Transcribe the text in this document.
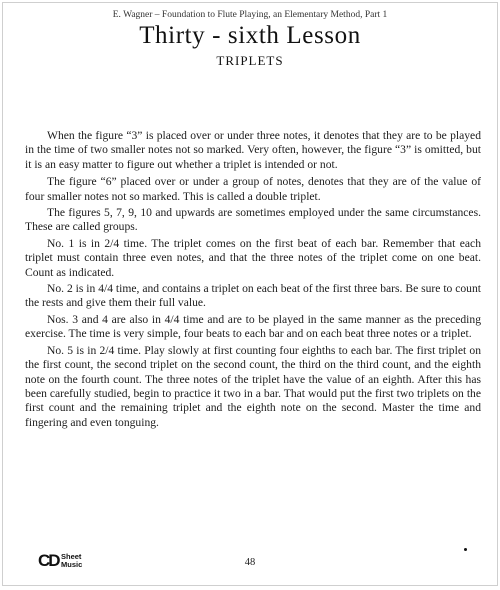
E. Wagner – Foundation to Flute Playing, an Elementary Method, Part 1
Thirty - sixth Lesson
TRIPLETS

When the figure “3” is placed over or under three notes, it denotes that they are to be played in the time of two smaller notes not so marked. Very often, however, the figure “3” is omitted, but it is an easy matter to figure out whether a triplet is intended or not.

The figure “6” placed over or under a group of notes, denotes that they are of the value of four smaller notes not so marked. This is called a double triplet.

The figures 5, 7, 9, 10 and upwards are sometimes employed under the same circumstances. These are called groups.

No. 1 is in 2/4 time. The triplet comes on the first beat of each bar. Remember that each triplet must contain three even notes, and that the three notes of the triplet come on one beat. Count as indicated.

No. 2 is in 4/4 time, and contains a triplet on each beat of the first three bars. Be sure to count the rests and give them their full value.

Nos. 3 and 4 are also in 4/4 time and are to be played in the same manner as the preceding exercise. The time is very simple, four beats to each bar and on each beat three notes or a triplet.

No. 5 is in 2/4 time. Play slowly at first counting four eighths to each bar. The first triplet on the first count, the second triplet on the second count, the third on the third count, and the eighth note on the fourth count. The three notes of the triplet have the value of an eighth. After this has been carefully studied, begin to practice it two in a bar. That would put the first two triplets on the first count and the remaining triplet and the eighth note on the second. Master the time and fingering and even tonguing.

CD Sheet
Music	48
